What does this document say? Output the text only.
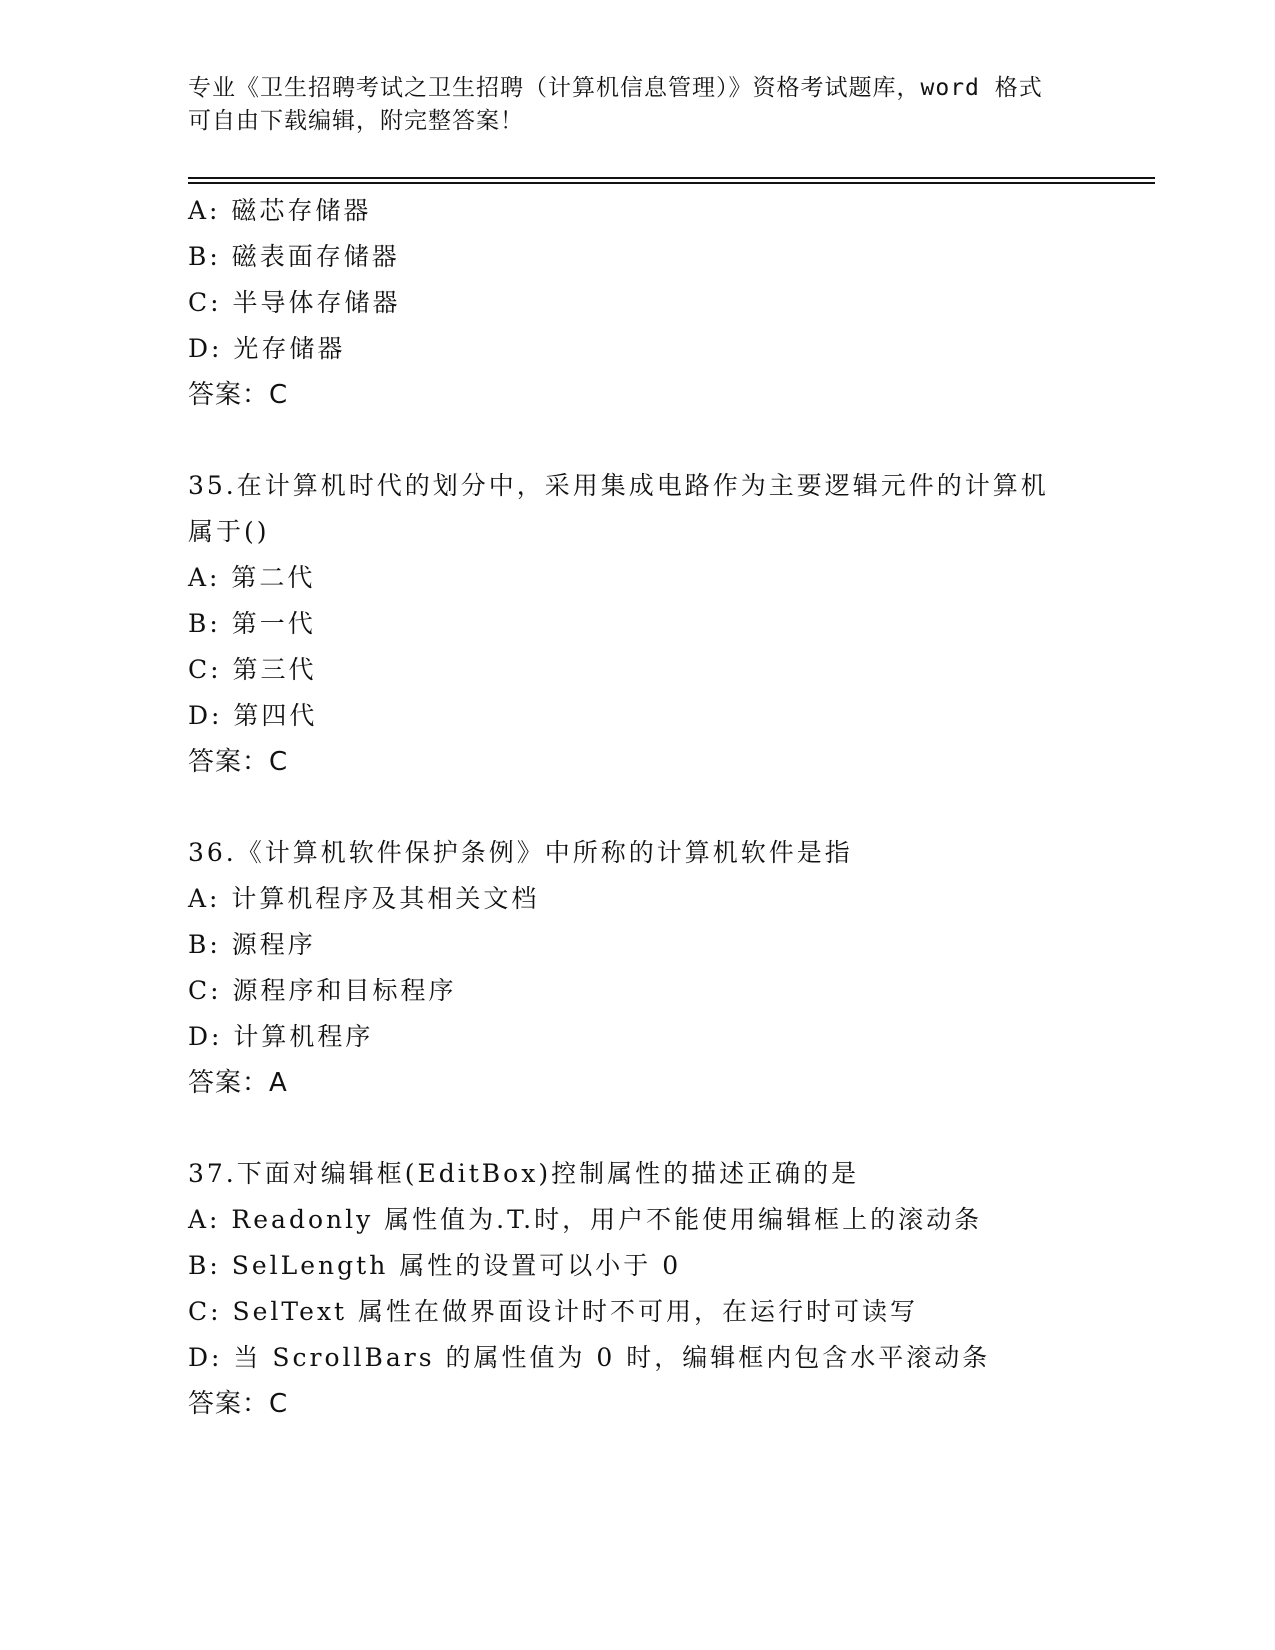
专业《卫生招聘考试之卫生招聘（计算机信息管理）》资格考试题库，word 格式
可自由下载编辑，附完整答案！
A: 磁芯存储器
B: 磁表面存储器
C: 半导体存储器
D: 光存储器
答案：C
35.在计算机时代的划分中，采用集成电路作为主要逻辑元件的计算机
属于()
A: 第二代
B: 第一代
C: 第三代
D: 第四代
答案：C
36.《计算机软件保护条例》中所称的计算机软件是指
A: 计算机程序及其相关文档
B: 源程序
C: 源程序和目标程序
D: 计算机程序
答案：A
37.下面对编辑框(EditBox)控制属性的描述正确的是
A: Readonly 属性值为.T.时，用户不能使用编辑框上的滚动条
B: SelLength 属性的设置可以小于 0
C: SelText 属性在做界面设计时不可用，在运行时可读写
D: 当 ScrollBars 的属性值为 0 时，编辑框内包含水平滚动条
答案：C
